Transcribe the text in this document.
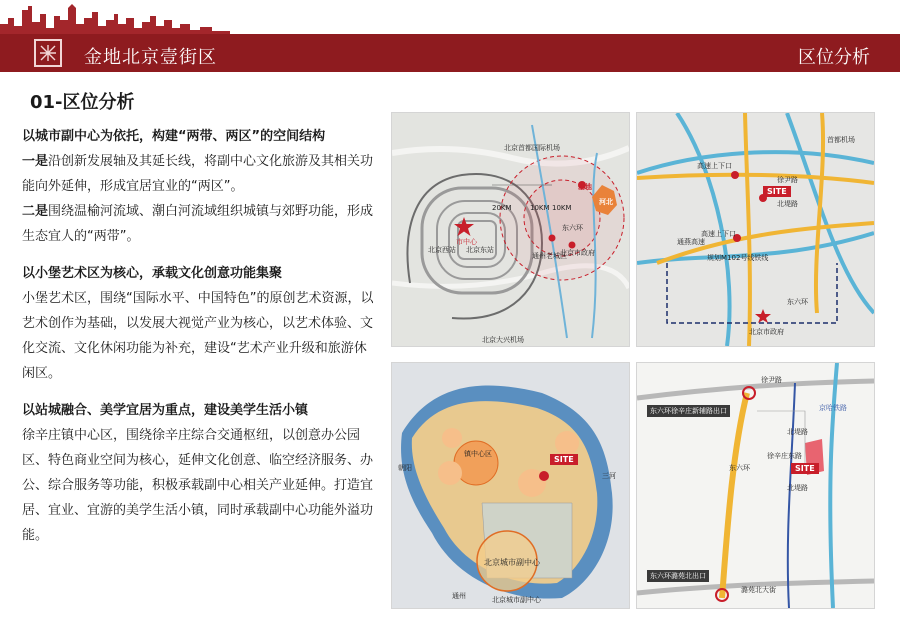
金地北京壹街区	区位分析
01-区位分析

以城市副中心为依托，构建“两带、两区”的空间结构

一是沿创新发展轴及其延长线，将副中心文化旅游及其相关功能向外延伸，形成宜居宜业的“两区”。

二是围绕温榆河流域、潮白河流域组织城镇与郊野功能，形成生态宜人的“两带”。

以小堡艺术区为核心，承载文化创意功能集聚

小堡艺术区，围绕“国际水平、中国特色”的原创艺术资源，以艺术创作为基础，以发展大视觉产业为核心，以艺术体验、文化交流、文化休闲功能为补充，建设“艺术产业升级和旅游休闲区。

以站城融合、美学宜居为重点，建设美学生活小镇

徐辛庄镇中心区，围绕徐辛庄综合交通枢纽，以创意办公园区、特色商业空间为核心，延伸文化创意、临空经济服务、办公、综合服务等功能，积极承载副中心相关产业延伸。打造宜居、宜业、宜游的美学生活小镇，同时承载副中心功能外溢功能。

北京首都国际机场
市中心
基地
河北
20KM	10KM 10KM
东六环
北京市政府
通州老城区
北京东站
北京西站
北京大兴机场
高速上下口
高速上下口
SITE
徐尹路
北堤路
通燕高速
东六环
规划M102号线铁线
北京市政府
首都机场
镇中心区
SITE
北京城市副中心
三河
朝阳
北京城市副中心
通州
徐尹路
北堤路
北堤路
SITE
东六环
东六环徐辛庄新辅路出口
东六环潞苑北出口
潞苑北大街
徐辛庄东路
京哈铁路
